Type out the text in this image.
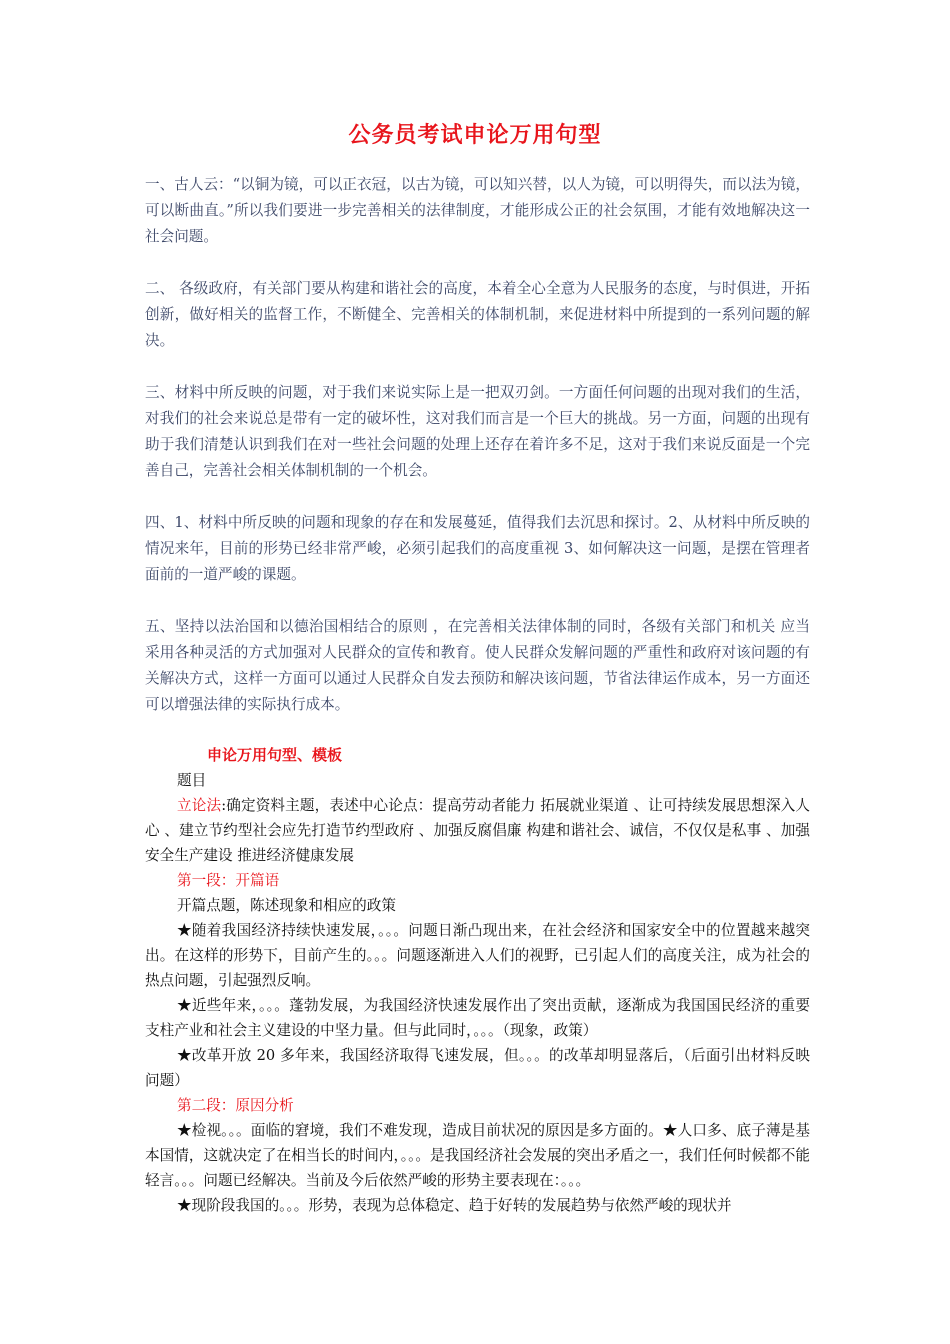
公务员考试申论万用句型

一、古人云：“以铜为镜，可以正衣冠，以古为镜，可以知兴替，以人为镜，可以明得失，而以法为镜，可以断曲直。”所以我们要进一步完善相关的法律制度，才能形成公正的社会氛围，才能有效地解决这一社会问题。

二、 各级政府，有关部门要从构建和谐社会的高度，本着全心全意为人民服务的态度，与时俱进，开拓创新，做好相关的监督工作，不断健全、完善相关的体制机制，来促进材料中所提到的一系列问题的解决。

三、材料中所反映的问题，对于我们来说实际上是一把双刃剑。一方面任何问题的出现对我们的生活，对我们的社会来说总是带有一定的破坏性，这对我们而言是一个巨大的挑战。另一方面，问题的出现有助于我们清楚认识到我们在对一些社会问题的处理上还存在着许多不足，这对于我们来说反面是一个完善自己，完善社会相关体制机制的一个机会。

四、1、材料中所反映的问题和现象的存在和发展蔓延，值得我们去沉思和探讨。2、从材料中所反映的情况来年，目前的形势已经非常严峻，必须引起我们的高度重视 3、如何解决这一问题，是摆在管理者面前的一道严峻的课题。

五、坚持以法治国和以德治国相结合的原则 ，在完善相关法律体制的同时，各级有关部门和机关 应当采用各种灵活的方式加强对人民群众的宣传和教育。使人民群众发解问题的严重性和政府对该问题的有关解决方式，这样一方面可以通过人民群众自发去预防和解决该问题，节省法律运作成本，另一方面还可以增强法律的实际执行成本。

申论万用句型、模板

题目

立论法:确定资料主题，表述中心论点：提高劳动者能力 拓展就业渠道 、让可持续发展思想深入人心 、建立节约型社会应先打造节约型政府 、加强反腐倡廉 构建和谐社会、诚信，不仅仅是私事 、加强安全生产建设 推进经济健康发展

第一段：开篇语

开篇点题，陈述现象和相应的政策

★随着我国经济持续快速发展，。。。问题日渐凸现出来，在社会经济和国家安全中的位置越来越突出。在这样的形势下，目前产生的。。。问题逐渐进入人们的视野，已引起人们的高度关注，成为社会的热点问题，引起强烈反响。

★近些年来，。。。蓬勃发展，为我国经济快速发展作出了突出贡献，逐渐成为我国国民经济的重要支柱产业和社会主义建设的中坚力量。但与此同时，。。。（现象，政策）

★改革开放 20 多年来，我国经济取得飞速发展，但。。。的改革却明显落后，（后面引出材料反映问题）

第二段：原因分析

★检视。。。面临的窘境，我们不难发现，造成目前状况的原因是多方面的。★人口多、底子薄是基本国情，这就决定了在相当长的时间内，。。。是我国经济社会发展的突出矛盾之一，我们任何时候都不能轻言。。。问题已经解决。当前及今后依然严峻的形势主要表现在：。。。

★现阶段我国的。。。形势，表现为总体稳定、趋于好转的发展趋势与依然严峻的现状并
